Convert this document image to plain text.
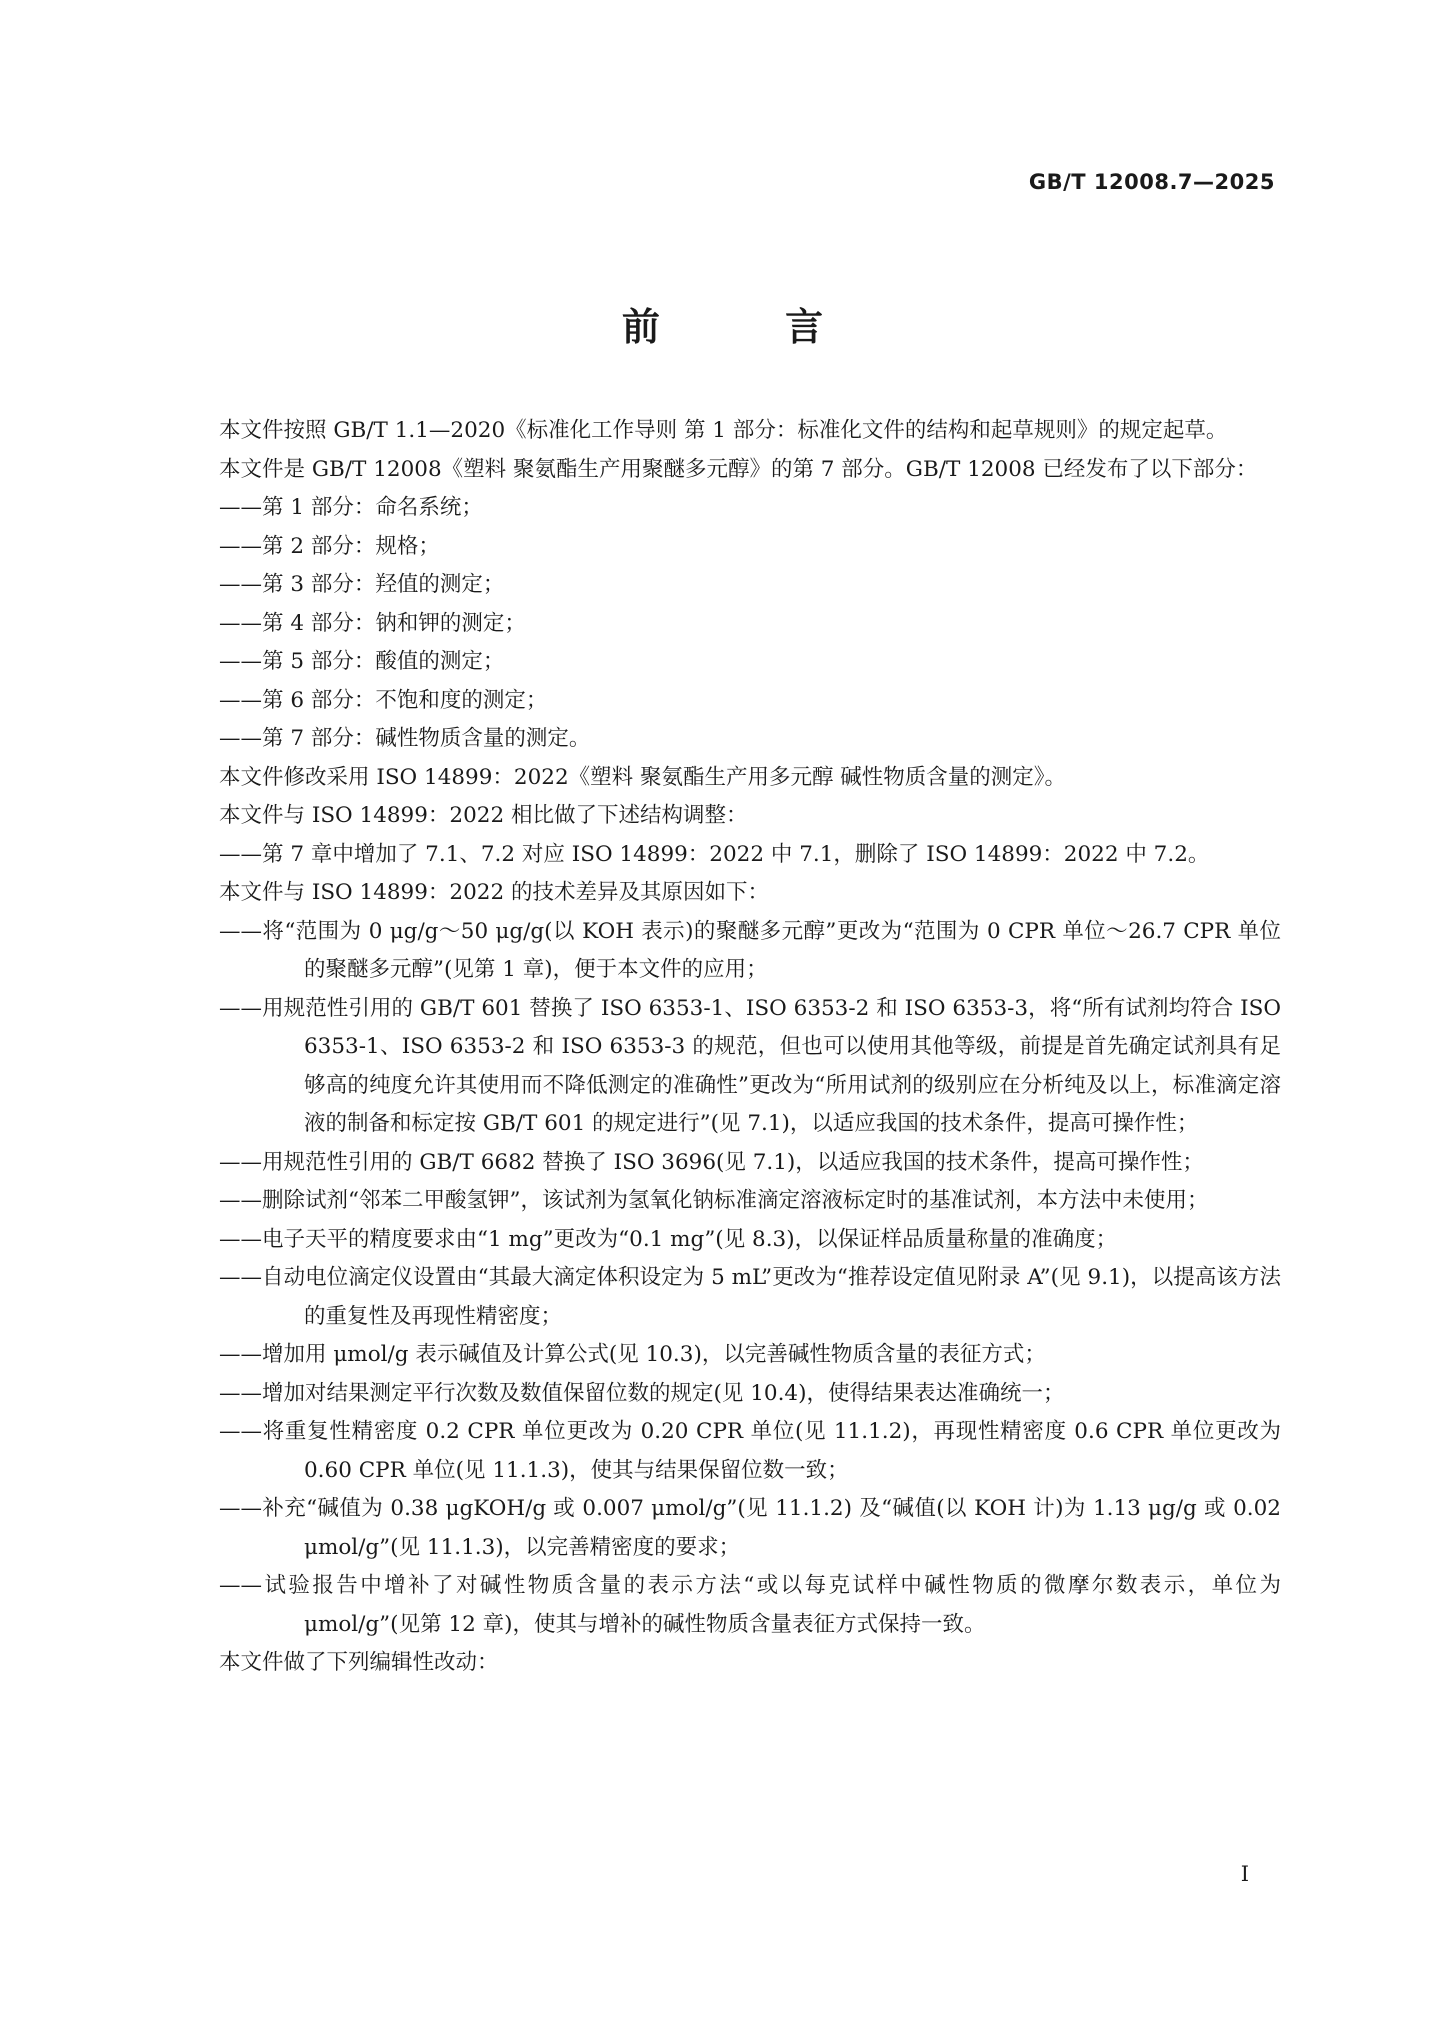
GB/T 12008.7—2025
前 言

本文件按照 GB/T 1.1—2020《标准化工作导则 第 1 部分：标准化文件的结构和起草规则》的规定起草。

本文件是 GB/T 12008《塑料 聚氨酯生产用聚醚多元醇》的第 7 部分。GB/T 12008 已经发布了以下部分：

——第 1 部分：命名系统；

——第 2 部分：规格；

——第 3 部分：羟值的测定；

——第 4 部分：钠和钾的测定；

——第 5 部分：酸值的测定；

——第 6 部分：不饱和度的测定；

——第 7 部分：碱性物质含量的测定。

本文件修改采用 ISO 14899：2022《塑料 聚氨酯生产用多元醇 碱性物质含量的测定》。

本文件与 ISO 14899：2022 相比做了下述结构调整：

——第 7 章中增加了 7.1、7.2 对应 ISO 14899：2022 中 7.1，删除了 ISO 14899：2022 中 7.2。

本文件与 ISO 14899：2022 的技术差异及其原因如下：

——将“范围为 0 μg/g～50 μg/g(以 KOH 表示)的聚醚多元醇”更改为“范围为 0 CPR 单位～26.7 CPR 单位的聚醚多元醇”(见第 1 章)，便于本文件的应用；

——用规范性引用的 GB/T 601 替换了 ISO 6353-1、ISO 6353-2 和 ISO 6353-3，将“所有试剂均符合 ISO 6353-1、ISO 6353-2 和 ISO 6353-3 的规范，但也可以使用其他等级，前提是首先确定试剂具有足够高的纯度允许其使用而不降低测定的准确性”更改为“所用试剂的级别应在分析纯及以上，标准滴定溶液的制备和标定按 GB/T 601 的规定进行”(见 7.1)，以适应我国的技术条件，提高可操作性；

——用规范性引用的 GB/T 6682 替换了 ISO 3696(见 7.1)，以适应我国的技术条件，提高可操作性；

——删除试剂“邻苯二甲酸氢钾”，该试剂为氢氧化钠标准滴定溶液标定时的基准试剂，本方法中未使用；

——电子天平的精度要求由“1 mg”更改为“0.1 mg”(见 8.3)，以保证样品质量称量的准确度；

——自动电位滴定仪设置由“其最大滴定体积设定为 5 mL”更改为“推荐设定值见附录 A”(见 9.1)，以提高该方法的重复性及再现性精密度；

——增加用 μmol/g 表示碱值及计算公式(见 10.3)，以完善碱性物质含量的表征方式；

——增加对结果测定平行次数及数值保留位数的规定(见 10.4)，使得结果表达准确统一；

——将重复性精密度 0.2 CPR 单位更改为 0.20 CPR 单位(见 11.1.2)，再现性精密度 0.6 CPR 单位更改为 0.60 CPR 单位(见 11.1.3)，使其与结果保留位数一致；

——补充“碱值为 0.38 μgKOH/g 或 0.007 μmol/g”(见 11.1.2) 及“碱值(以 KOH 计)为 1.13 μg/g 或 0.02 μmol/g”(见 11.1.3)，以完善精密度的要求；

——试验报告中增补了对碱性物质含量的表示方法“或以每克试样中碱性物质的微摩尔数表示，单位为 μmol/g”(见第 12 章)，使其与增补的碱性物质含量表征方式保持一致。

本文件做了下列编辑性改动：

I
